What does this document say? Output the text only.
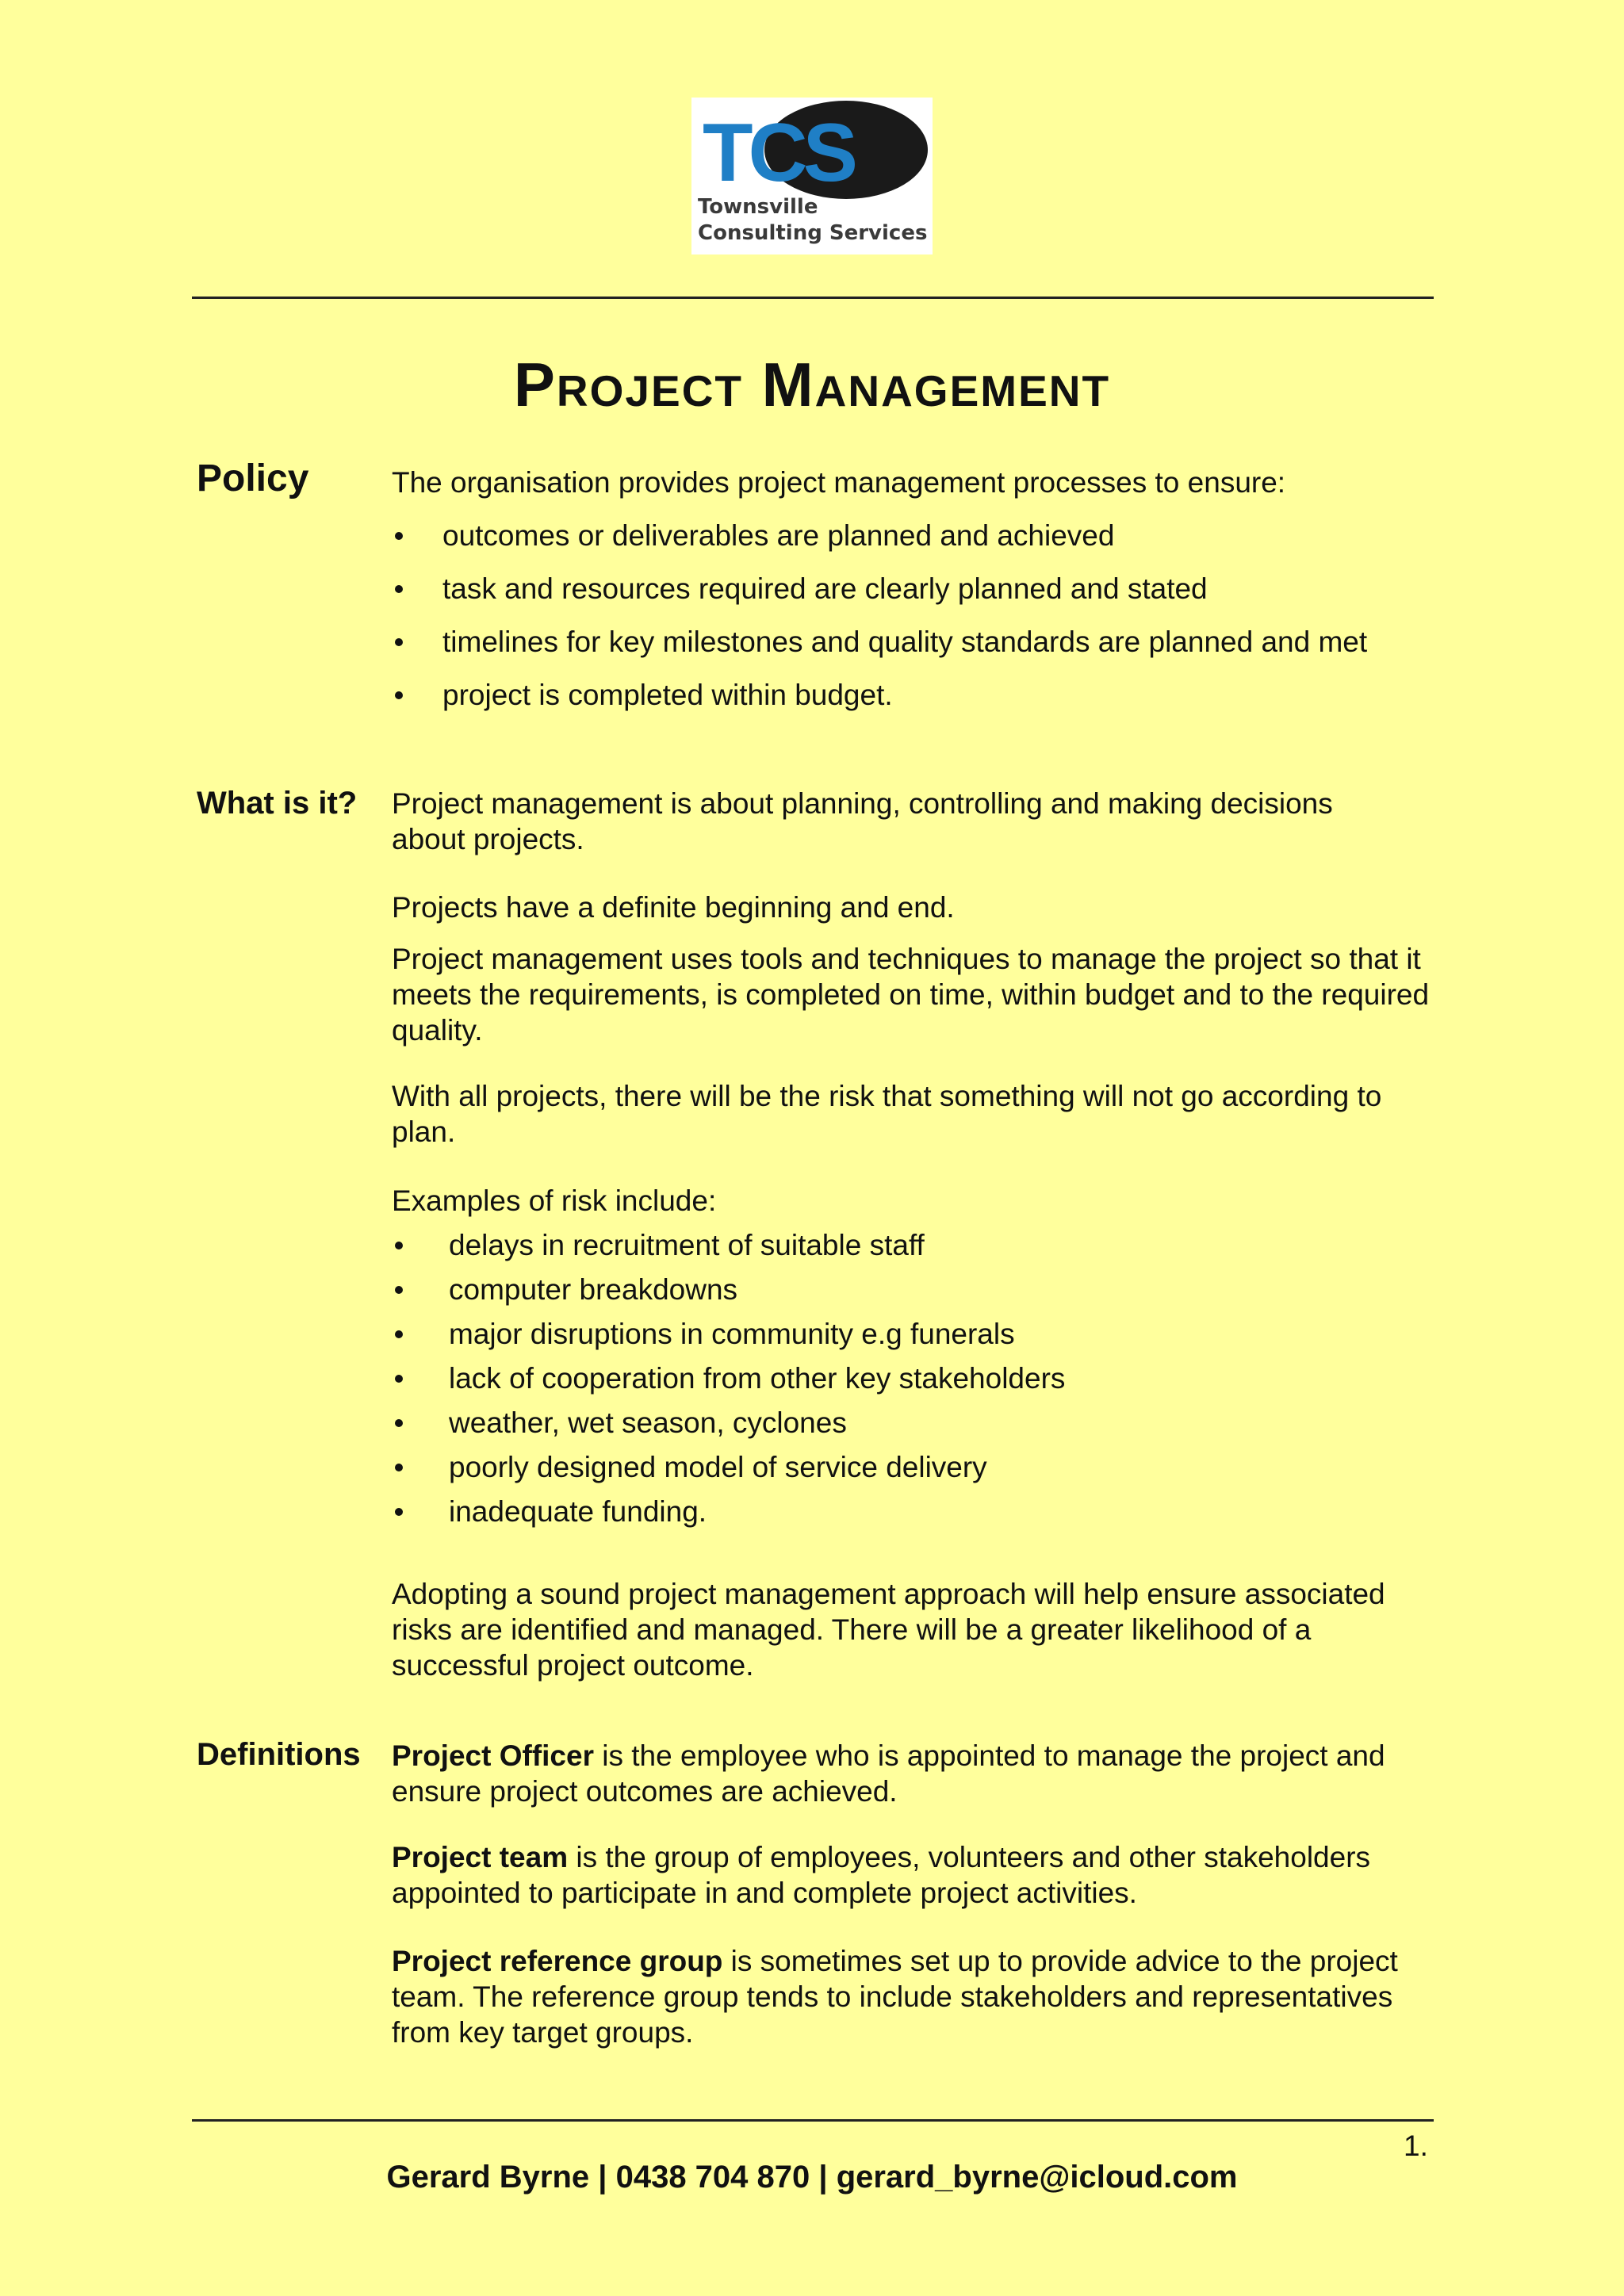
TCS
Townsville
Consulting Services
Project Management
Policy	The organisation provides project management processes to ensure:

outcomes or deliverables are planned and achieved
task and resources required are clearly planned and stated
timelines for key milestones and quality standards are planned and met
project is completed within budget.
What is it? Project management is about planning, controlling and making decisions about projects.

Projects have a definite beginning and end.

Project management uses tools and techniques to manage the project so that it meets the requirements, is completed on time, within budget and to the required quality.

With all projects, there will be the risk that something will not go according to plan.

Examples of risk include:

delays in recruitment of suitable staff
computer breakdowns
major disruptions in community e.g funerals
lack of cooperation from other key stakeholders
weather, wet season, cyclones
poorly designed model of service delivery
inadequate funding.

Adopting a sound project management approach will help ensure associated risks are identified and managed. There will be a greater likelihood of a successful project outcome.

Definitions Project Officer is the employee who is appointed to manage the project and ensure project outcomes are achieved.

Project team is the group of employees, volunteers and other stakeholders appointed to participate in and complete project activities.

Project reference group is sometimes set up to provide advice to the project team. The reference group tends to include stakeholders and representatives from key target groups.

1.
Gerard Byrne | 0438 704 870 | gerard_byrne@icloud.com
